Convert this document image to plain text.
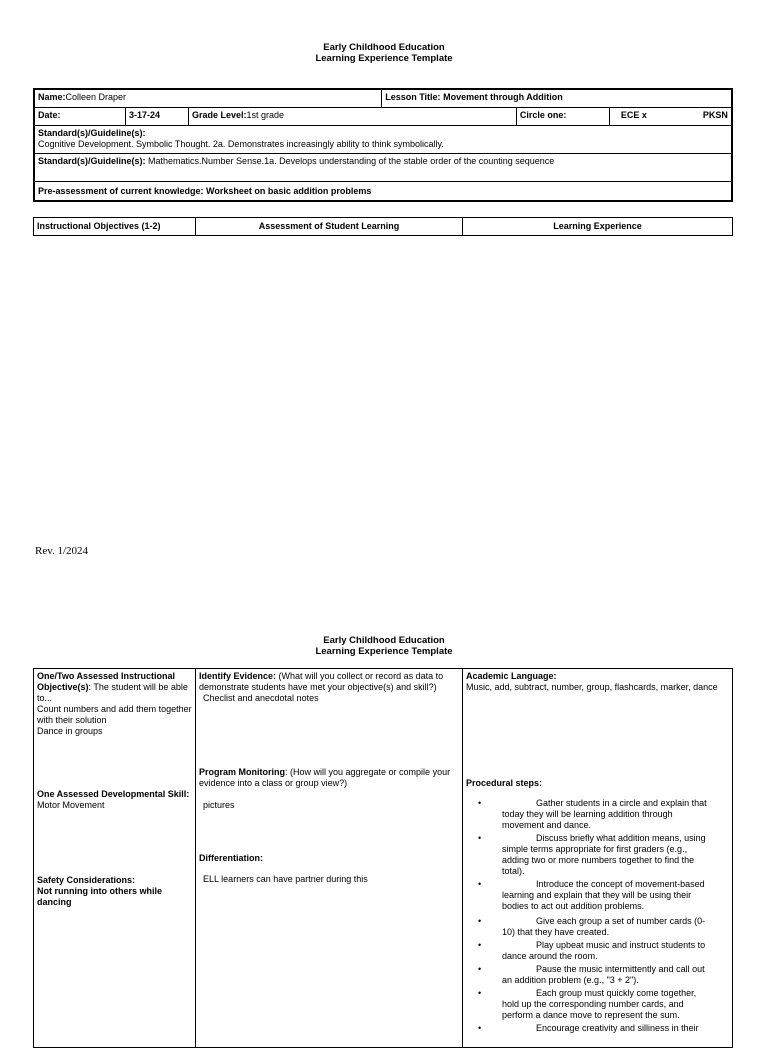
Early Childhood Education
Learning Experience Template
Name:Colleen Draper			Lesson Title: Movement through Addition		
Date:	3-17-24	Grade Level:1st grade		Circle one:	ECE x PKSN
Standard(s)/Guideline(s):
Cognitive Development. Symbolic Thought. 2a. Demonstrates increasingly ability to think symbolically.					
Standard(s)/Guideline(s): Mathematics.Number Sense.1a. Develops understanding of the stable order of the counting sequence					
Pre-assessment of current knowledge: Worksheet on basic addition problems					
Instructional Objectives (1-2)	Assessment of Student Learning	Learning Experience
Rev. 1/2024
Early Childhood Education
Learning Experience Template
One/Two Assessed Instructional Objective(s): The student will be able to...
Count numbers and add them together with their solution
Dance in groups
One Assessed Developmental Skill:
Motor Movement
Safety Considerations:
Not running into others while dancing

Identify Evidence: (What will you collect or record as data to demonstrate students have met your objective(s) and skill?)
Checlist and anecdotal notes
Program Monitoring: (How will you aggregate or compile your evidence into a class or group view?)
pictures
Differentiation:
ELL learners can have partner during this

Academic Language:
Music, add, subtract, number, group, flashcards, marker, dance
Procedural steps:
• Gather students in a circle and explain that today they will be learning addition through movement and dance.
• Discuss briefly what addition means, using simple terms appropriate for first graders (e.g., adding two or more numbers together to find the total).
• Introduce the concept of movement-based learning and explain that they will be using their bodies to act out addition problems.
• Give each group a set of number cards (0-10) that they have created.
• Play upbeat music and instruct students to dance around the room.
• Pause the music intermittently and call out an addition problem (e.g., "3 + 2").
• Each group must quickly come together, hold up the corresponding number cards, and perform a dance move to represent the sum.
• Encourage creativity and silliness in their
